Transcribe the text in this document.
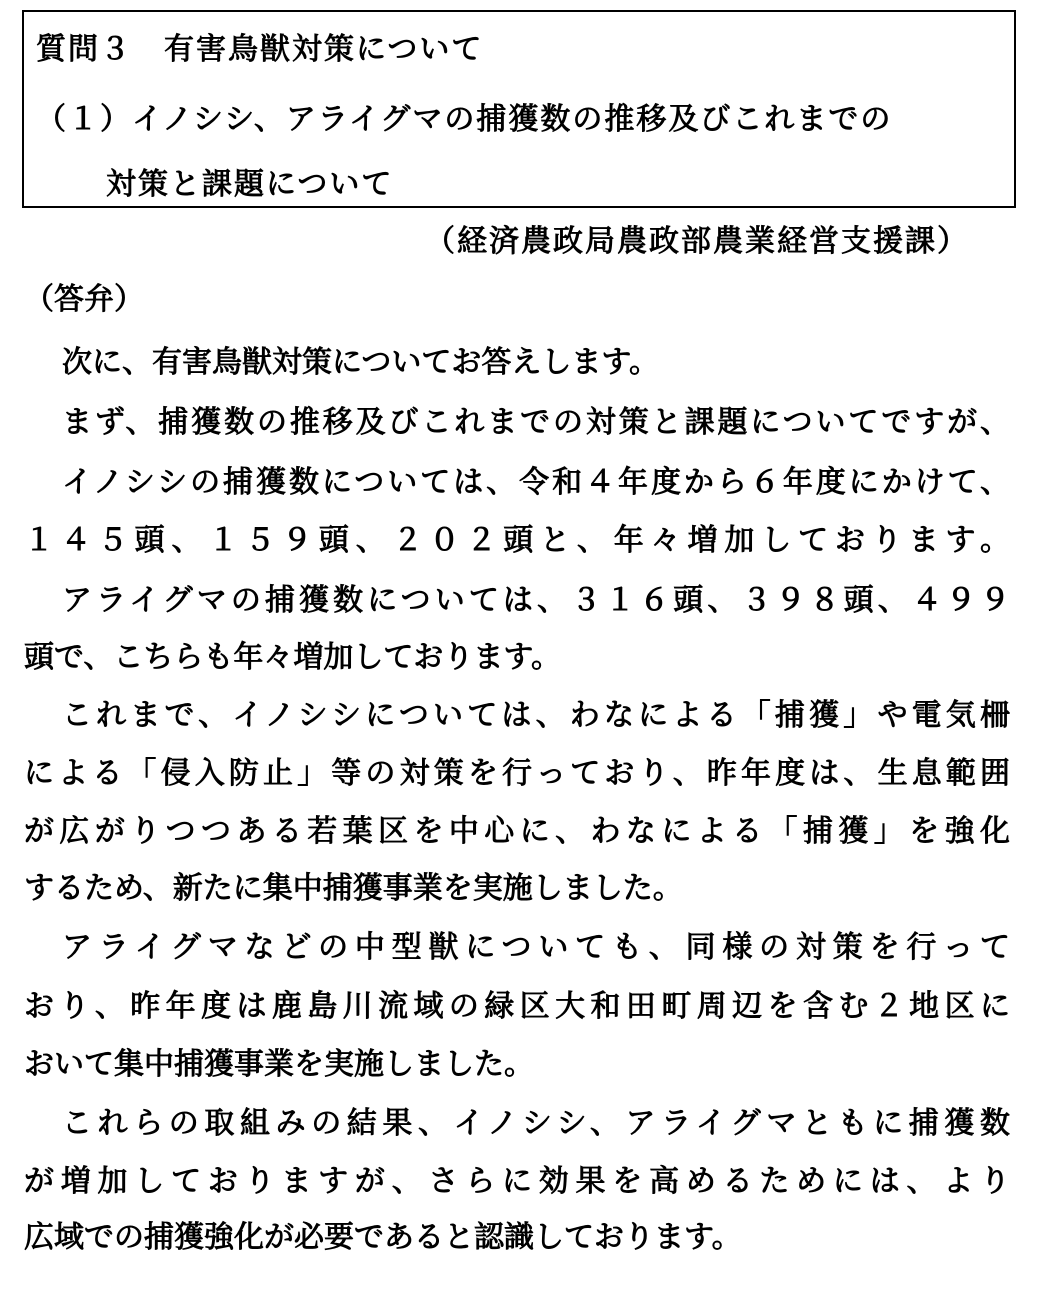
質問３　有害鳥獣対策について
（１）イノシシ、アライグマの捕獲数の推移及びこれまでの
対策と課題について
（経済農政局農政部農業経営支援課）
（答弁）
次に、有害鳥獣対策についてお答えします。
まず、捕獲数の推移及びこれまでの対策と課題についてですが、
イノシシの捕獲数については、令和４年度から６年度にかけて、
１４５頭、１５９頭、２０２頭と、年々増加しております。
アライグマの捕獲数については、３１６頭、３９８頭、４９９
頭で、こちらも年々増加しております。
これまで、イノシシについては、わなによる「捕獲」や電気柵
による「侵入防止」等の対策を行っており、昨年度は、生息範囲
が広がりつつある若葉区を中心に、わなによる「捕獲」を強化
するため、新たに集中捕獲事業を実施しました。
アライグマなどの中型獣についても、同様の対策を行って
おり、昨年度は鹿島川流域の緑区大和田町周辺を含む２地区に
おいて集中捕獲事業を実施しました。
これらの取組みの結果、イノシシ、アライグマともに捕獲数
が増加しておりますが、さらに効果を高めるためには、より
広域での捕獲強化が必要であると認識しております。
